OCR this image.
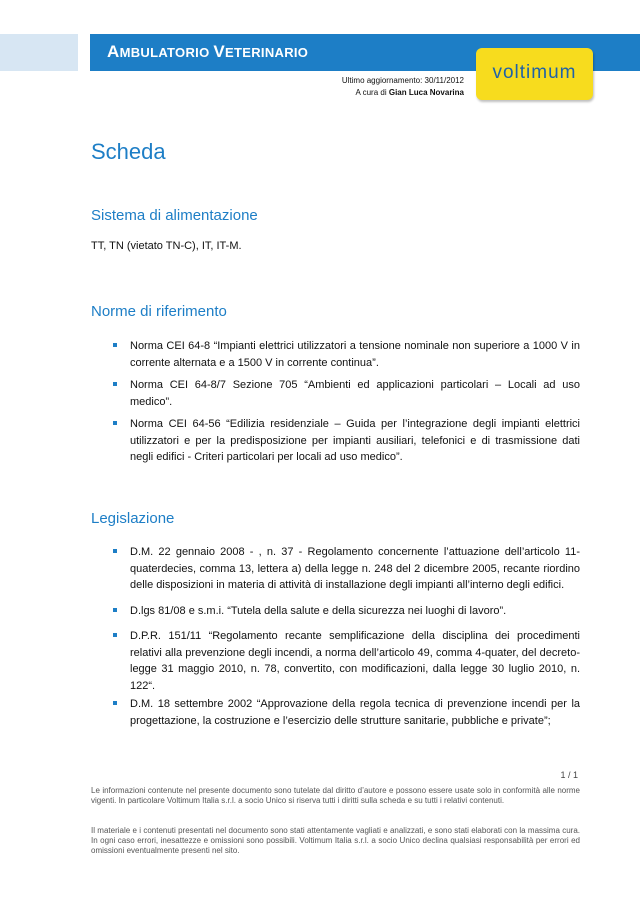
AMBULATORIO VETERINARIO
voltimum
Ultimo aggiornamento: 30/11/2012
A cura di Gian Luca Novarina
Scheda
Sistema di alimentazione
TT, TN (vietato TN-C), IT, IT-M.
Norme di riferimento
Norma CEI 64-8 “Impianti elettrici utilizzatori a tensione nominale non superiore a 1000 V in corrente alternata e a 1500 V in corrente continua”.
Norma CEI 64-8/7 Sezione 705 “Ambienti ed applicazioni particolari – Locali ad uso medico”.
Norma CEI 64-56 “Edilizia residenziale – Guida per l’integrazione degli impianti elettrici utilizzatori e per la predisposizione per impianti ausiliari, telefonici e di trasmissione dati negli edifici - Criteri particolari per locali ad uso medico”.
Legislazione
D.M. 22 gennaio 2008 - , n. 37 - Regolamento concernente l’attuazione dell’articolo 11-quaterdecies, comma 13, lettera a) della legge n. 248 del 2 dicembre 2005, recante riordino delle disposizioni in materia di attività di installazione degli impianti all’interno degli edifici.
D.lgs 81/08 e s.m.i. “Tutela della salute e della sicurezza nei luoghi di lavoro”.
D.P.R. 151/11 “Regolamento recante semplificazione della disciplina dei procedimenti relativi alla prevenzione degli incendi, a norma dell’articolo 49, comma 4-quater, del decreto-legge 31 maggio 2010, n. 78, convertito, con modificazioni, dalla legge 30 luglio 2010, n. 122“.
D.M. 18 settembre 2002 “Approvazione della regola tecnica di prevenzione incendi per la progettazione, la costruzione e l’esercizio delle strutture sanitarie, pubbliche e private”;
1 / 1
Le informazioni contenute nel presente documento sono tutelate dal diritto d’autore e possono essere usate solo in conformità alle norme vigenti. In particolare Voltimum Italia s.r.l. a socio Unico si riserva tutti i diritti sulla scheda e su tutti i relativi contenuti.
Il materiale e i contenuti presentati nel documento sono stati attentamente vagliati e analizzati, e sono stati elaborati con la massima cura. In ogni caso errori, inesattezze e omissioni sono possibili. Voltimum Italia s.r.l. a socio Unico declina qualsiasi responsabilità per errori ed omissioni eventualmente presenti nel sito.
